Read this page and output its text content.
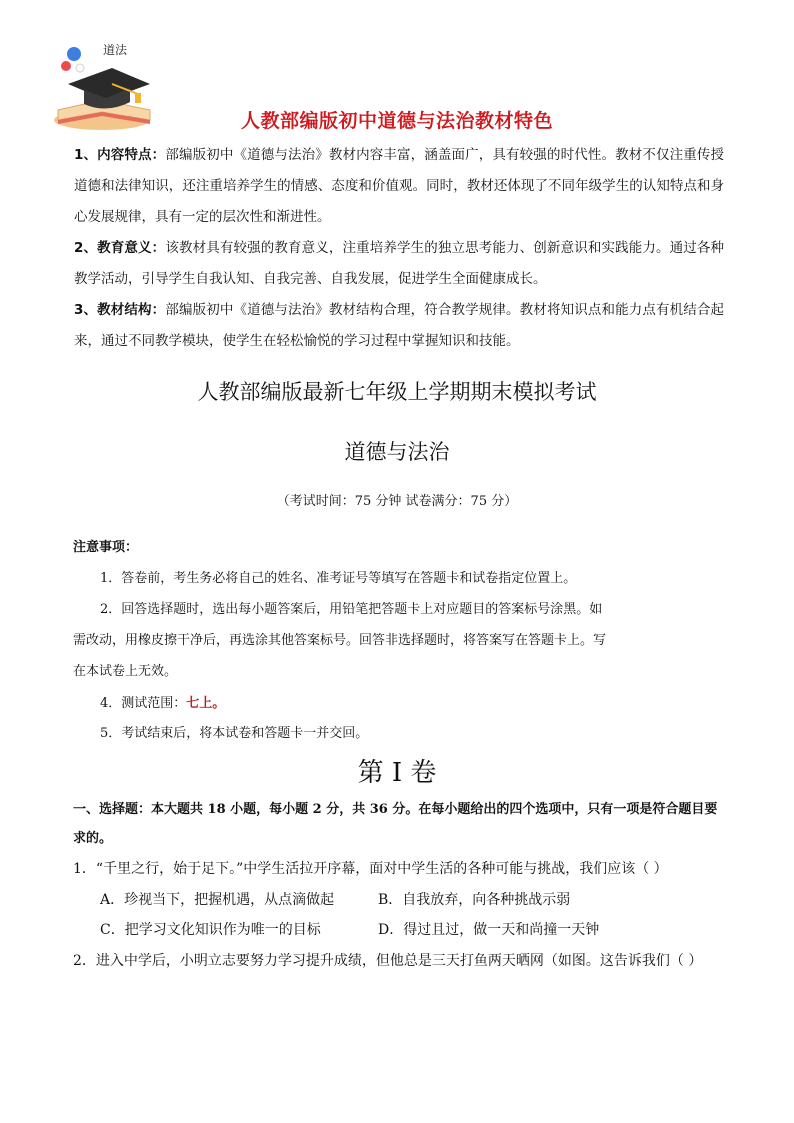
道法
人教部编版初中道德与法治教材特色

1、内容特点：部编版初中《道德与法治》教材内容丰富，涵盖面广，具有较强的时代性。教材不仅注重传授道德和法律知识，还注重培养学生的情感、态度和价值观。同时，教材还体现了不同年级学生的认知特点和身心发展规律，具有一定的层次性和渐进性。

2、教育意义：该教材具有较强的教育意义，注重培养学生的独立思考能力、创新意识和实践能力。通过各种教学活动，引导学生自我认知、自我完善、自我发展，促进学生全面健康成长。

3、教材结构：部编版初中《道德与法治》教材结构合理，符合教学规律。教材将知识点和能力点有机结合起来，通过不同教学模块，使学生在轻松愉悦的学习过程中掌握知识和技能。

人教部编版最新七年级上学期期末模拟考试
道德与法治
（考试时间：75 分钟 试卷满分：75 分）
注意事项：
1．答卷前，考生务必将自己的姓名、准考证号等填写在答题卡和试卷指定位置上。
2．回答选择题时，选出每小题答案后，用铅笔把答题卡上对应题目的答案标号涂黑。如
需改动，用橡皮擦干净后，再选涂其他答案标号。回答非选择题时，将答案写在答题卡上。写
在本试卷上无效。
4．测试范围：七上。
5．考试结束后，将本试卷和答题卡一并交回。
第 I 卷
一、选择题：本大题共 18 小题，每小题 2 分，共 36 分。在每小题给出的四个选项中，只有一项是符合题目要求的。
1．“千里之行，始于足下。”中学生活拉开序幕，面对中学生活的各种可能与挑战，我们应该（ ）
A．珍视当下，把握机遇，从点滴做起	B．自我放弃，向各种挑战示弱
C．把学习文化知识作为唯一的目标	D．得过且过，做一天和尚撞一天钟
2．进入中学后，小明立志要努力学习提升成绩，但他总是三天打鱼两天晒网（如图。这告诉我们（ ）
